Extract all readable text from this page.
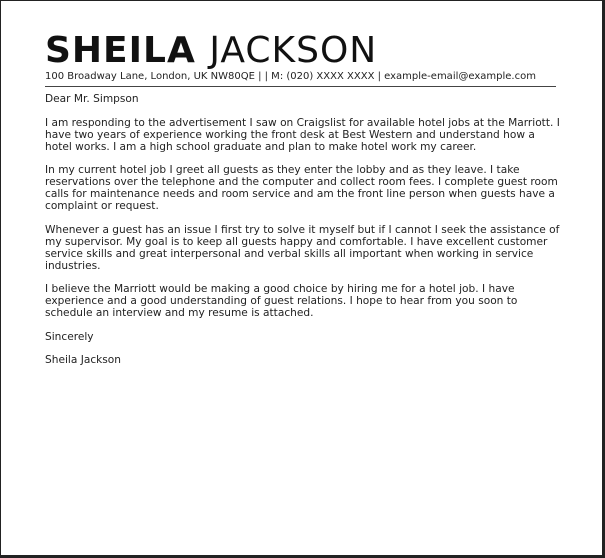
SHEILA JACKSON
100 Broadway Lane, London, UK NW80QE | | M: (020) XXXX XXXX | example-email@example.com

Dear Mr. Simpson

I am responding to the advertisement I saw on Craigslist for available hotel jobs at the Marriott. I have two years of experience working the front desk at Best Western and understand how a hotel works. I am a high school graduate and plan to make hotel work my career.

In my current hotel job I greet all guests as they enter the lobby and as they leave. I take reservations over the telephone and the computer and collect room fees. I complete guest room calls for maintenance needs and room service and am the front line person when guests have a complaint or request.

Whenever a guest has an issue I first try to solve it myself but if I cannot I seek the assistance of my supervisor. My goal is to keep all guests happy and comfortable. I have excellent customer service skills and great interpersonal and verbal skills all important when working in service industries.

I believe the Marriott would be making a good choice by hiring me for a hotel job. I have experience and a good understanding of guest relations. I hope to hear from you soon to schedule an interview and my resume is attached.

Sincerely

Sheila Jackson
